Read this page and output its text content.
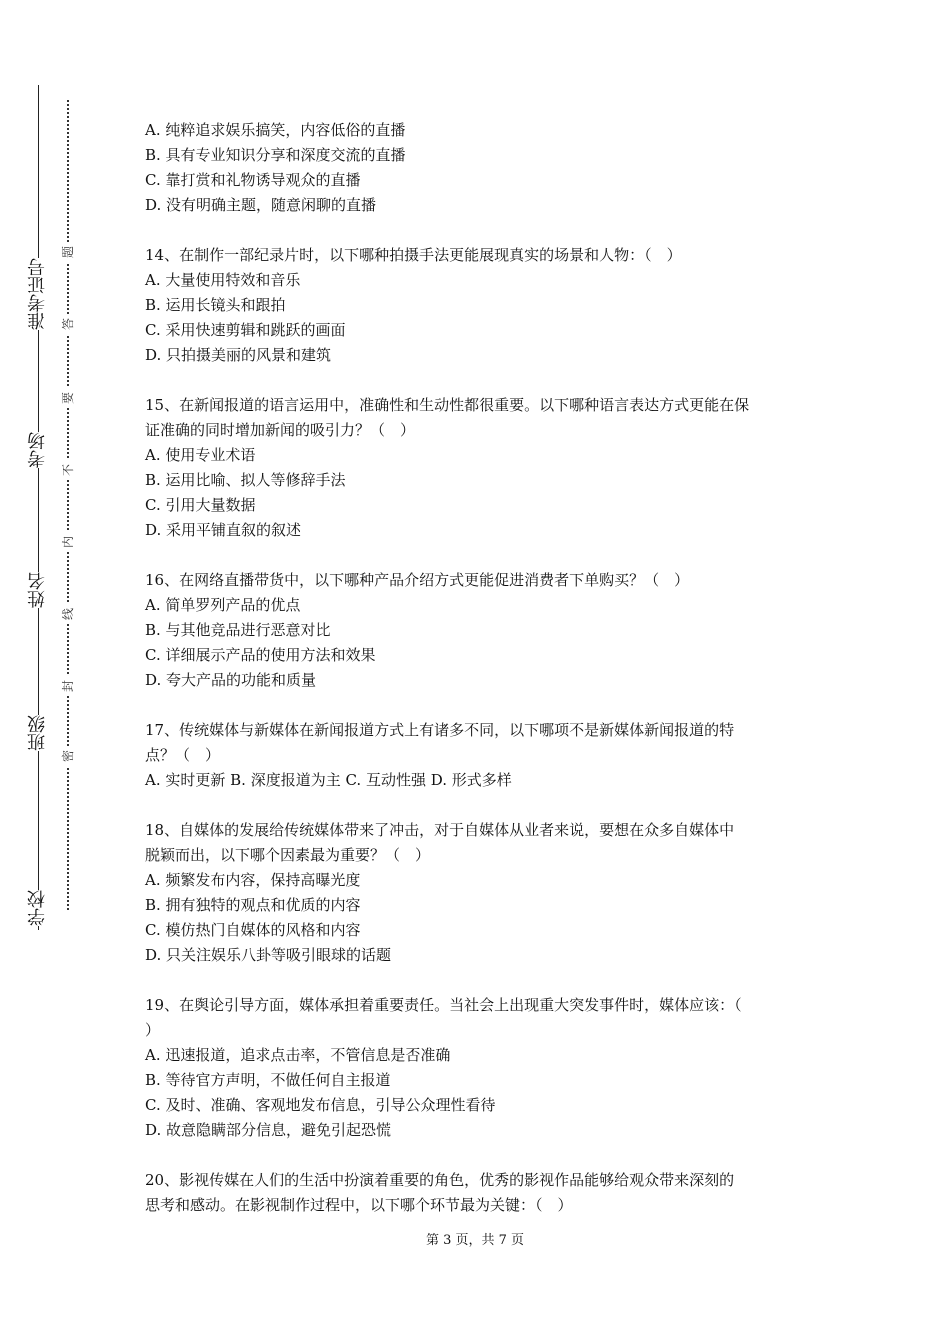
准考证号
考场
姓名
班级
学校
题
答
要
不
内
线
封
密

A. 纯粹追求娱乐搞笑，内容低俗的直播

B. 具有专业知识分享和深度交流的直播

C. 靠打赏和礼物诱导观众的直播

D. 没有明确主题，随意闲聊的直播

14、在制作一部纪录片时，以下哪种拍摄手法更能展现真实的场景和人物：（　）

A. 大量使用特效和音乐

B. 运用长镜头和跟拍

C. 采用快速剪辑和跳跃的画面

D. 只拍摄美丽的风景和建筑

15、在新闻报道的语言运用中，准确性和生动性都很重要。以下哪种语言表达方式更能在保

证准确的同时增加新闻的吸引力？（　）

A. 使用专业术语

B. 运用比喻、拟人等修辞手法

C. 引用大量数据

D. 采用平铺直叙的叙述

16、在网络直播带货中，以下哪种产品介绍方式更能促进消费者下单购买？（　）

A. 简单罗列产品的优点

B. 与其他竞品进行恶意对比

C. 详细展示产品的使用方法和效果

D. 夸大产品的功能和质量

17、传统媒体与新媒体在新闻报道方式上有诸多不同，以下哪项不是新媒体新闻报道的特

点？（　）

A. 实时更新 B. 深度报道为主 C. 互动性强 D. 形式多样

18、自媒体的发展给传统媒体带来了冲击，对于自媒体从业者来说，要想在众多自媒体中

脱颖而出，以下哪个因素最为重要？（　）

A. 频繁发布内容，保持高曝光度

B. 拥有独特的观点和优质的内容

C. 模仿热门自媒体的风格和内容

D. 只关注娱乐八卦等吸引眼球的话题

19、在舆论引导方面，媒体承担着重要责任。当社会上出现重大突发事件时，媒体应该：（

）

A. 迅速报道，追求点击率，不管信息是否准确

B. 等待官方声明，不做任何自主报道

C. 及时、准确、客观地发布信息，引导公众理性看待

D. 故意隐瞒部分信息，避免引起恐慌

20、影视传媒在人们的生活中扮演着重要的角色，优秀的影视作品能够给观众带来深刻的

思考和感动。在影视制作过程中，以下哪个环节最为关键：（　）

第 3 页，共 7 页
